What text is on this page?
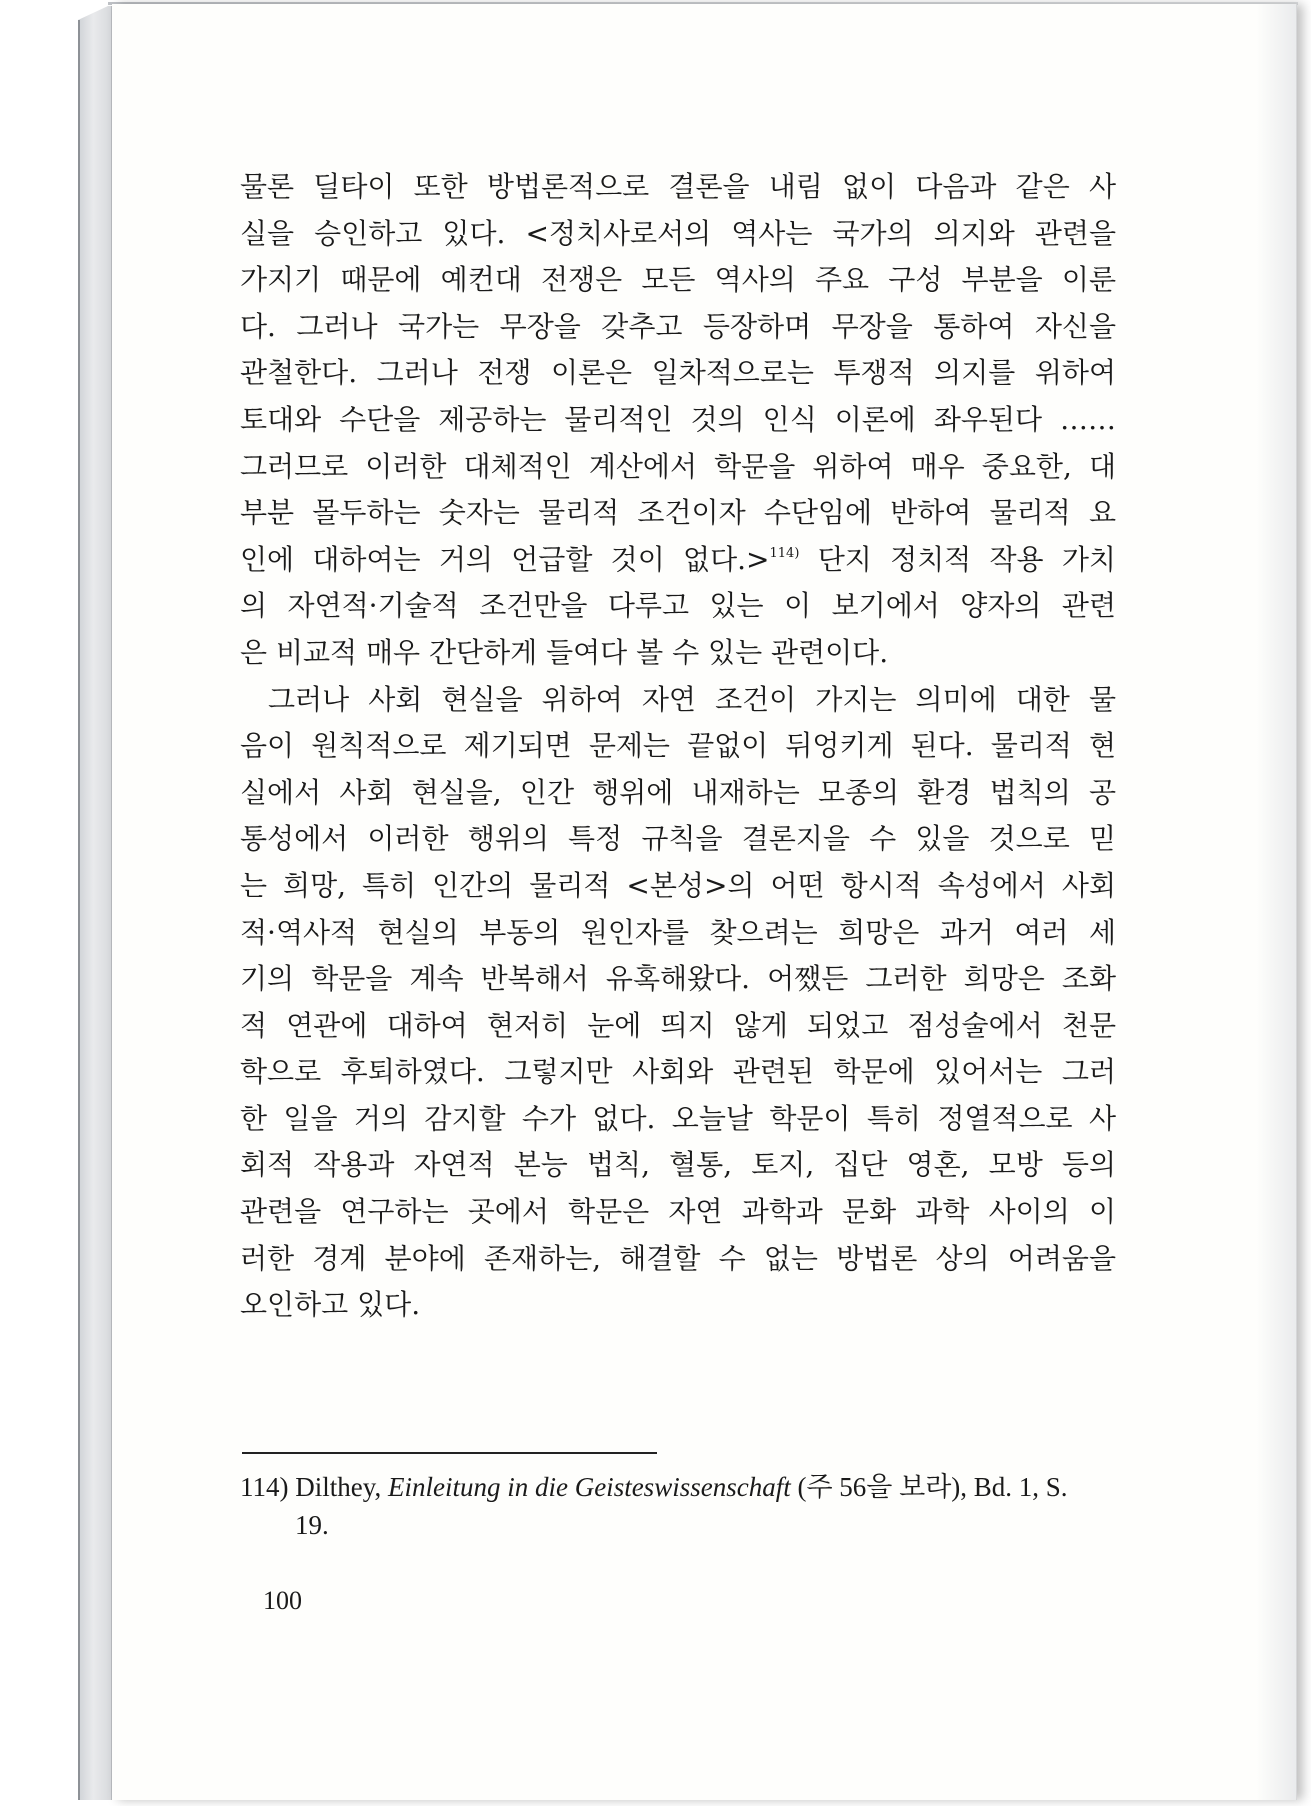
물론 딜타이 또한 방법론적으로 결론을 내림 없이 다음과 같은 사
실을 승인하고 있다. <정치사로서의 역사는 국가의 의지와 관련을
가지기 때문에 예컨대 전쟁은 모든 역사의 주요 구성 부분을 이룬
다. 그러나 국가는 무장을 갖추고 등장하며 무장을 통하여 자신을
관철한다. 그러나 전쟁 이론은 일차적으로는 투쟁적 의지를 위하여
토대와 수단을 제공하는 물리적인 것의 인식 이론에 좌우된다 ……
그러므로 이러한 대체적인 계산에서 학문을 위하여 매우 중요한, 대
부분 몰두하는 숫자는 물리적 조건이자 수단임에 반하여 물리적 요
인에 대하여는 거의 언급할 것이 없다.>$^{114)}$ 단지 정치적 작용 가치
의 자연적·기술적 조건만을 다루고 있는 이 보기에서 양자의 관련
은 비교적 매우 간단하게 들여다 볼 수 있는 관련이다.
그러나 사회 현실을 위하여 자연 조건이 가지는 의미에 대한 물
음이 원칙적으로 제기되면 문제는 끝없이 뒤엉키게 된다. 물리적 현
실에서 사회 현실을, 인간 행위에 내재하는 모종의 환경 법칙의 공
통성에서 이러한 행위의 특정 규칙을 결론지을 수 있을 것으로 믿
는 희망, 특히 인간의 물리적 <본성>의 어떤 항시적 속성에서 사회
적·역사적 현실의 부동의 원인자를 찾으려는 희망은 과거 여러 세
기의 학문을 계속 반복해서 유혹해왔다. 어쨌든 그러한 희망은 조화
적 연관에 대하여 현저히 눈에 띄지 않게 되었고 점성술에서 천문
학으로 후퇴하였다. 그렇지만 사회와 관련된 학문에 있어서는 그러
한 일을 거의 감지할 수가 없다. 오늘날 학문이 특히 정열적으로 사
회적 작용과 자연적 본능 법칙, 혈통, 토지, 집단 영혼, 모방 등의
관련을 연구하는 곳에서 학문은 자연 과학과 문화 과학 사이의 이
러한 경계 분야에 존재하는, 해결할 수 없는 방법론 상의 어려움을
오인하고 있다.
114) Dilthey, Einleitung in die Geisteswissenschaft (주 56을 보라), Bd. 1, S.
19.
100
